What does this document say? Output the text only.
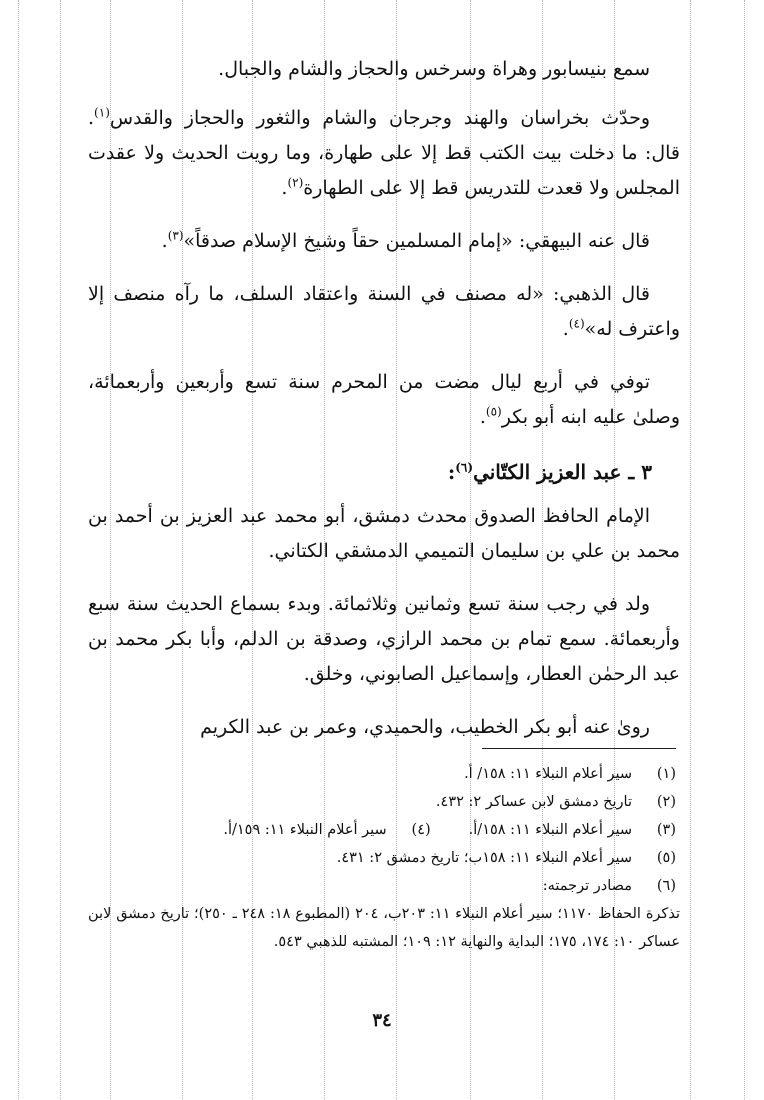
سمع بنيسابور وهراة وسرخس والحجاز والشام والجبال.

وحدّث بخراسان والهند وجرجان والشام والثغور والحجاز والقدس$^{(١)}$. قال: ما دخلت بيت الكتب قط إلا على طهارة، وما رويت الحديث ولا عقدت المجلس ولا قعدت للتدريس قط إلا على الطهارة$^{(٢)}$.

قال عنه البيهقي: «إمام المسلمين حقاً وشيخ الإسلام صدقاً»$^{(٣)}$.

قال الذهبي: «له مصنف في السنة واعتقاد السلف، ما رآه منصف إلا واعترف له»$^{(٤)}$.

توفي في أربع ليال مضت من المحرم سنة تسع وأربعين وأربعمائة، وصلىٰ عليه ابنه أبو بكر$^{(٥)}$.

٣ ـ عبد العزيز الكتّاني$^{(٦)}$:

الإمام الحافظ الصدوق محدث دمشق، أبو محمد عبد العزيز بن أحمد بن محمد بن علي بن سليمان التميمي الدمشقي الكتاني.

ولد في رجب سنة تسع وثمانين وثلاثمائة. وبدء بسماع الحديث سنة سبع وأربعمائة. سمع تمام بن محمد الرازي، وصدقة بن الدلم، وأبا بكر محمد بن عبد الرحمٰن العطار، وإسماعيل الصابوني، وخلق.

رویٰ عنه أبو بكر الخطيب، والحميدي، وعمر بن عبد الكريم

(١)
سير أعلام النبلاء ١١: ١٥٨/ أ.
(٢)
تاريخ دمشق لابن عساكر ٢: ٤٣٢.
(٣)
سير أعلام النبلاء ١١: ١٥٨/أ.
(٤)
سير أعلام النبلاء ١١: ١٥٩/أ.
(٥)
سير أعلام النبلاء ١١: ١٥٨ب؛ تاريخ دمشق ٢: ٤٣١.
(٦)
مصادر ترجمته:
تذكرة الحفاظ ١١٧٠؛ سير أعلام النبلاء ١١: ٢٠٣ب، ٢٠٤ (المطبوع ١٨: ٢٤٨ ـ ٢٥٠)؛ تاريخ دمشق لابن عساكر ١٠: ١٧٤، ١٧٥؛ البداية والنهاية ١٢: ١٠٩؛ المشتبه للذهبي ٥٤٣.
٣٤
